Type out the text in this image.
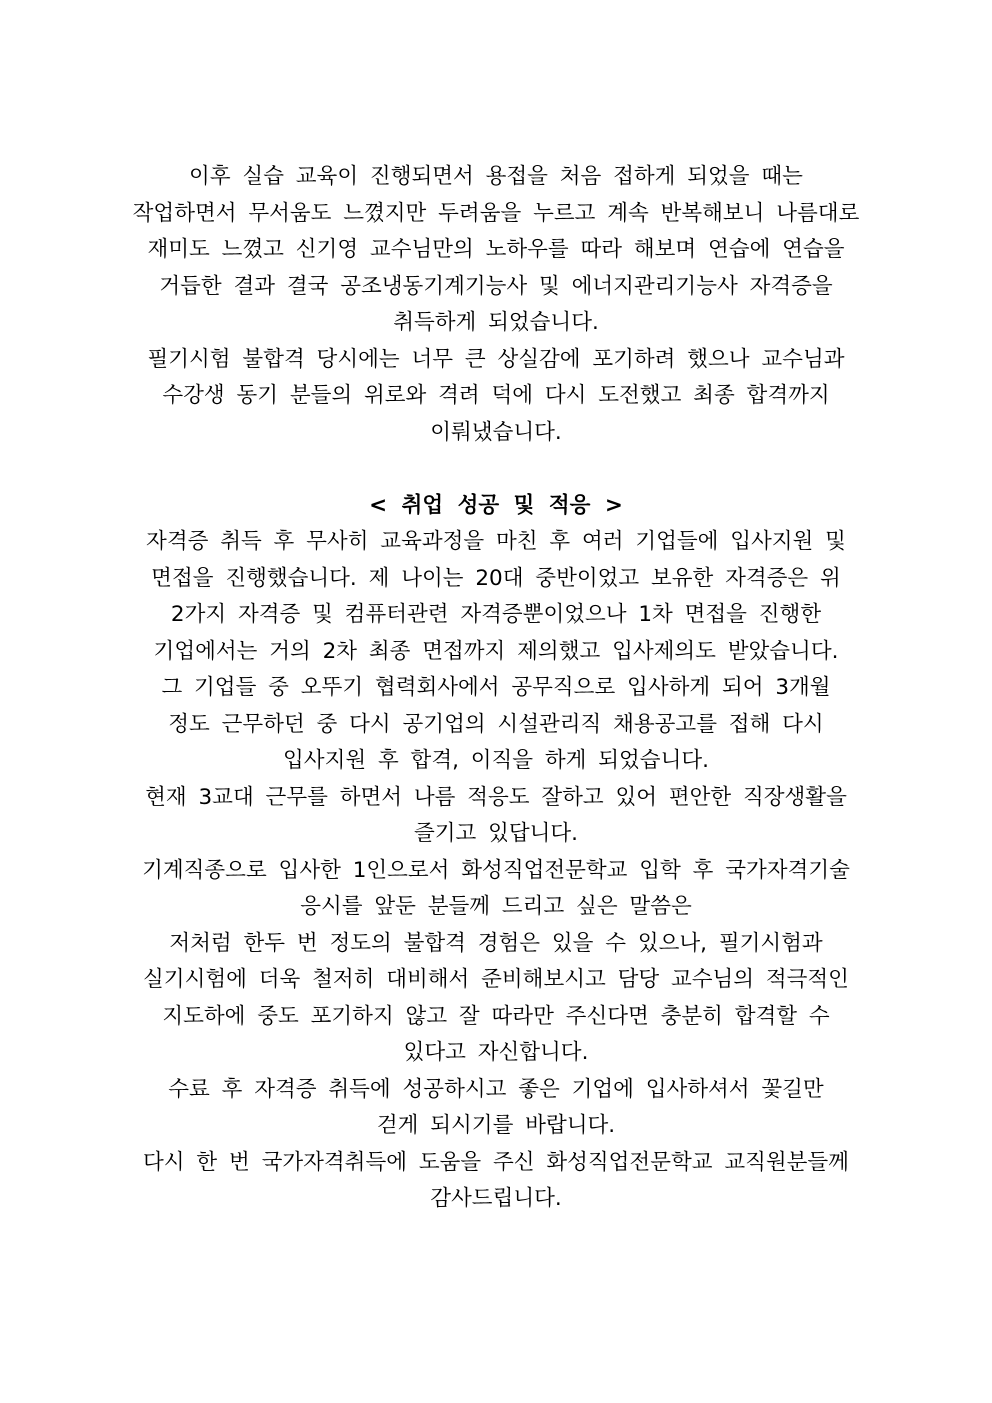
이후 실습 교육이 진행되면서 용접을 처음 접하게 되었을 때는
작업하면서 무서움도 느꼈지만 두려움을 누르고 계속 반복해보니 나름대로
재미도 느꼈고 신기영 교수님만의 노하우를 따라 해보며 연습에 연습을
거듭한 결과 결국 공조냉동기계기능사 및 에너지관리기능사 자격증을
취득하게 되었습니다.
필기시험 불합격 당시에는 너무 큰 상실감에 포기하려 했으나 교수님과
수강생 동기 분들의 위로와 격려 덕에 다시 도전했고 최종 합격까지
이뤄냈습니다.
< 취업 성공 및 적응 >
자격증 취득 후 무사히 교육과정을 마친 후 여러 기업들에 입사지원 및
면접을 진행했습니다. 제 나이는 20대 중반이었고 보유한 자격증은 위
2가지 자격증 및 컴퓨터관련 자격증뿐이었으나 1차 면접을 진행한
기업에서는 거의 2차 최종 면접까지 제의했고 입사제의도 받았습니다.
그 기업들 중 오뚜기 협력회사에서 공무직으로 입사하게 되어 3개월
정도 근무하던 중 다시 공기업의 시설관리직 채용공고를 접해 다시
입사지원 후 합격, 이직을 하게 되었습니다.
현재 3교대 근무를 하면서 나름 적응도 잘하고 있어 편안한 직장생활을
즐기고 있답니다.
기계직종으로 입사한 1인으로서 화성직업전문학교 입학 후 국가자격기술
응시를 앞둔 분들께 드리고 싶은 말씀은
저처럼 한두 번 정도의 불합격 경험은 있을 수 있으나, 필기시험과
실기시험에 더욱 철저히 대비해서 준비해보시고 담당 교수님의 적극적인
지도하에 중도 포기하지 않고 잘 따라만 주신다면 충분히 합격할 수
있다고 자신합니다.
수료 후 자격증 취득에 성공하시고 좋은 기업에 입사하셔서 꽃길만
걷게 되시기를 바랍니다.
다시 한 번 국가자격취득에 도움을 주신 화성직업전문학교 교직원분들께
감사드립니다.
